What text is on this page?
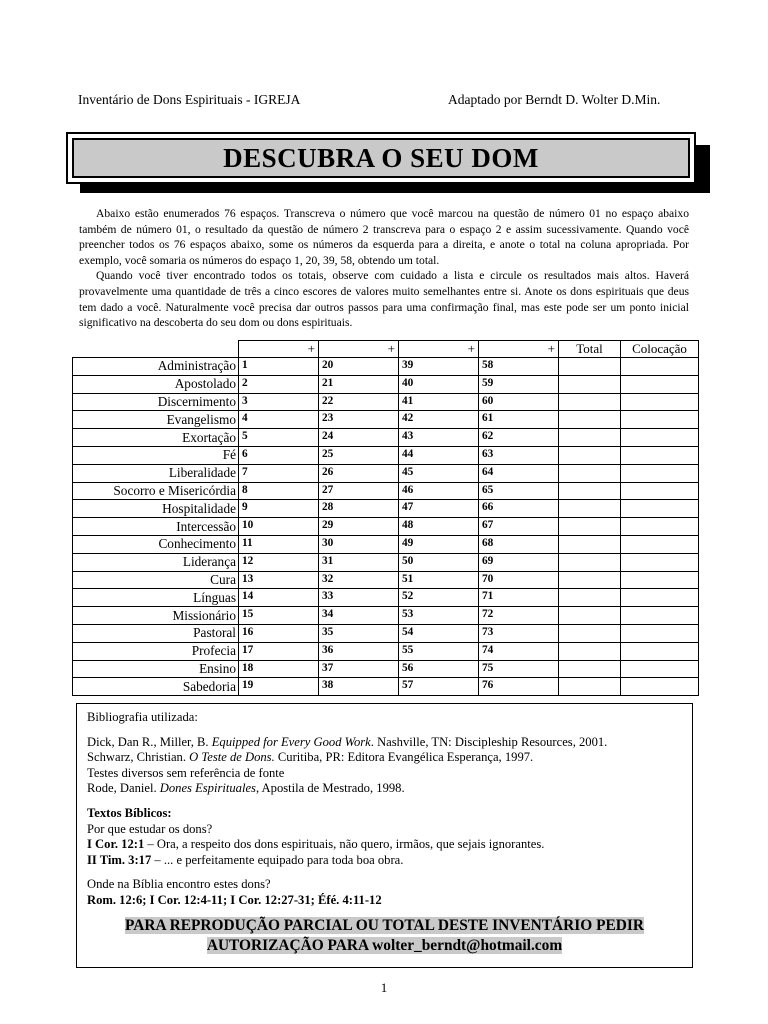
Inventário de Dons Espirituais - IGREJA	Adaptado por Berndt D. Wolter D.Min.
DESCUBRA O SEU DOM

Abaixo estão enumerados 76 espaços. Transcreva o número que você marcou na questão de número 01 no espaço abaixo também de número 01, o resultado da questão de número 2 transcreva para o espaço 2 e assim sucessivamente. Quando você preencher todos os 76 espaços abaixo, some os números da esquerda para a direita, e anote o total na coluna apropriada. Por exemplo, você somaria os números do espaço 1, 20, 39, 58, obtendo um total.

Quando você tiver encontrado todos os totais, observe com cuidado a lista e circule os resultados mais altos. Haverá provavelmente uma quantidade de três a cinco escores de valores muito semelhantes entre si. Anote os dons espirituais que deus tem dado a você. Naturalmente você precisa dar outros passos para uma confirmação final, mas este pode ser um ponto inicial significativo na descoberta do seu dom ou dons espirituais.

	+	+	+	+	Total	Colocação
Administração	1	20	39	58		
Apostolado	2	21	40	59		
Discernimento	3	22	41	60		
Evangelismo	4	23	42	61		
Exortação	5	24	43	62		
Fé	6	25	44	63		
Liberalidade	7	26	45	64		
Socorro e Misericórdia	8	27	46	65		
Hospitalidade	9	28	47	66		
Intercessão	10	29	48	67		
Conhecimento	11	30	49	68		
Liderança	12	31	50	69		
Cura	13	32	51	70		
Línguas	14	33	52	71		
Missionário	15	34	53	72		
Pastoral	16	35	54	73		
Profecia	17	36	55	74		
Ensino	18	37	56	75		
Sabedoria	19	38	57	76		

Bibliografia utilizada:

Dick, Dan R., Miller, B. Equipped for Every Good Work. Nashville, TN: Discipleship Resources, 2001.

Schwarz, Christian. O Teste de Dons. Curitiba, PR: Editora Evangélica Esperança, 1997.

Testes diversos sem referência de fonte

Rode, Daniel. Dones Espirituales, Apostila de Mestrado, 1998.

Textos Bíblicos:

Por que estudar os dons?

I Cor. 12:1 – Ora, a respeito dos dons espirituais, não quero, irmãos, que sejais ignorantes.

II Tim. 3:17 – ... e perfeitamente equipado para toda boa obra.

Onde na Bíblia encontro estes dons?

Rom. 12:6; I Cor. 12:4-11; I Cor. 12:27-31; Éfé. 4:11-12

PARA REPRODUÇÃO PARCIAL OU TOTAL DESTE INVENTÁRIO PEDIR
AUTORIZAÇÃO PARA wolter_berndt@hotmail.com
1
